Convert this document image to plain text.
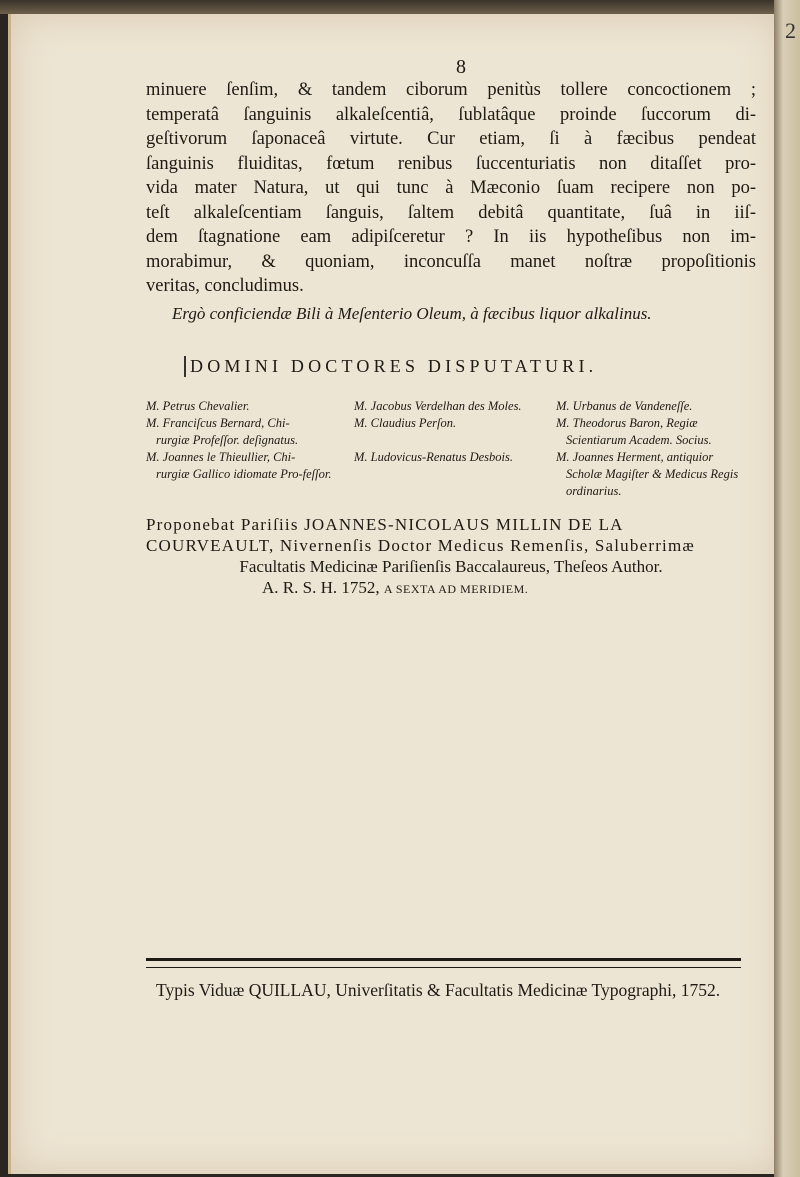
2
8
minuere ſenſim, & tandem ciborum penitùs tollere concoctionem ;
temperatâ ſanguinis alkaleſcentiâ, ſublatâque proinde ſuccorum di-
geſtivorum ſaponaceâ virtute. Cur etiam, ſi à fæcibus pendeat
ſanguinis fluiditas, fœtum renibus ſuccenturiatis non ditaſſet pro-
vida mater Natura, ut qui tunc à Mæconio ſuam recipere non po-
teſt alkaleſcentiam ſanguis, ſaltem debitâ quantitate, ſuâ in iiſ-
dem ſtagnatione eam adipiſceretur ? In iis hypotheſibus non im-
morabimur, & quoniam, inconcuſſa manet noſtræ propoſitionis
veritas, concludimus.
Ergò conficiendæ Bili à Meſenterio Oleum, à fæcibus liquor alkalinus.
DOMINI DOCTORES DISPUTATURI.
M. Petrus Chevalier.
M. Franciſcus Bernard, Chi-
rurgiæ Profeſſor. deſignatus.
M. Joannes le Thieullier, Chi-
rurgiæ Gallico idiomate Pro-feſſor.
M. Jacobus Verdelhan des Moles.
M. Claudius Perſon.
M. Ludovicus-Renatus Desbois.
M. Urbanus de Vandeneſſe.
M. Theodorus Baron, Regiæ
Scientiarum Academ. Socius.
M. Joannes Herment, antiquior
Scholæ Magiſter & Medicus Regis ordinarius.
Proponebat Pariſiis JOANNES-NICOLAUS MILLIN DE LA
COURVEAULT, Nivernenſis Doctor Medicus Remenſis, Saluberrimæ
Facultatis Medicinæ Pariſienſis Baccalaureus, Theſeos Author.
A. R. S. H. 1752, A SEXTA AD MERIDIEM.
Typis Viduæ QUILLAU, Univerſitatis & Facultatis Medicinæ Typographi, 1752.
